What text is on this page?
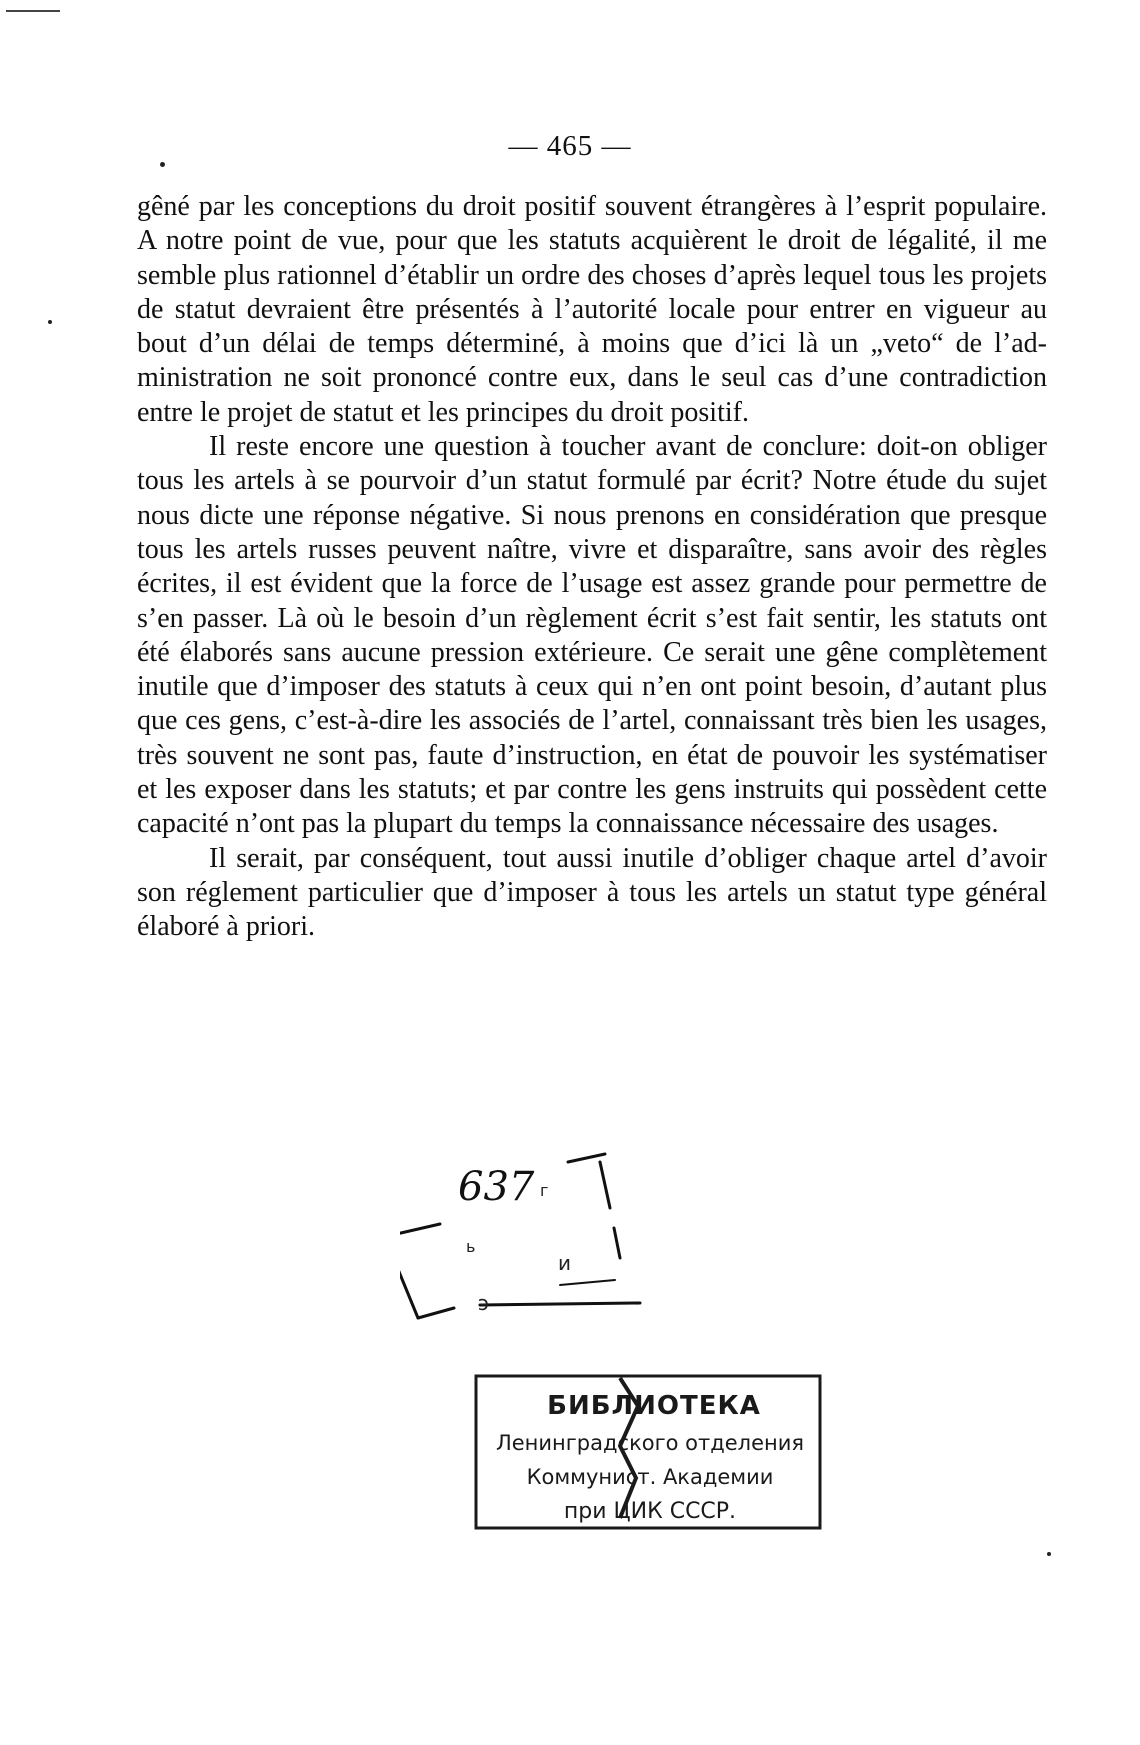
— 465 —

gêné par les conceptions du droit positif souvent étrangères à l’esprit populaire. A notre point de vue, pour que les statuts acquièrent le droit de légalité, il me semble plus rationnel d’établir un ordre des choses d’après lequel tous les projets de statut devraient être présentés à l’autorité locale pour entrer en vigueur au bout d’un délai de temps déterminé, à moins que d’ici là un „veto“ de l’administration ne soit prononcé contre eux, dans le seul cas d’une contradiction entre le projet de statut et les principes du droit positif.

Il reste encore une question à toucher avant de conclure: doit-on obliger tous les artels à se pourvoir d’un statut formulé par écrit? Notre étude du sujet nous dicte une réponse négative. Si nous prenons en considération que presque tous les artels russes peuvent naître, vivre et disparaître, sans avoir des règles écrites, il est évident que la force de l’usage est assez grande pour permettre de s’en passer. Là où le besoin d’un règlement écrit s’est fait sentir, les statuts ont été élaborés sans aucune pression extérieure. Ce serait une gêne complètement inutile que d’imposer des statuts à ceux qui n’en ont point besoin, d’autant plus que ces gens, c’est-à-dire les associés de l’artel, connaissant très bien les usages, très souvent ne sont pas, faute d’instruction, en état de pouvoir les systématiser et les exposer dans les statuts; et par contre les gens instruits qui possèdent cette capacité n’ont pas la plupart du temps la connaissance nécessaire des usages.

Il serait, par conséquent, tout aussi inutile d’obliger chaque artel d’avoir son réglement particulier que d’imposer à tous les artels un statut type général élaboré à priori.

637 г
ь
и
э
БИБЛИОТЕКА
Ленинградского отделения
Коммунист. Академии
при ЦИК СССР.
